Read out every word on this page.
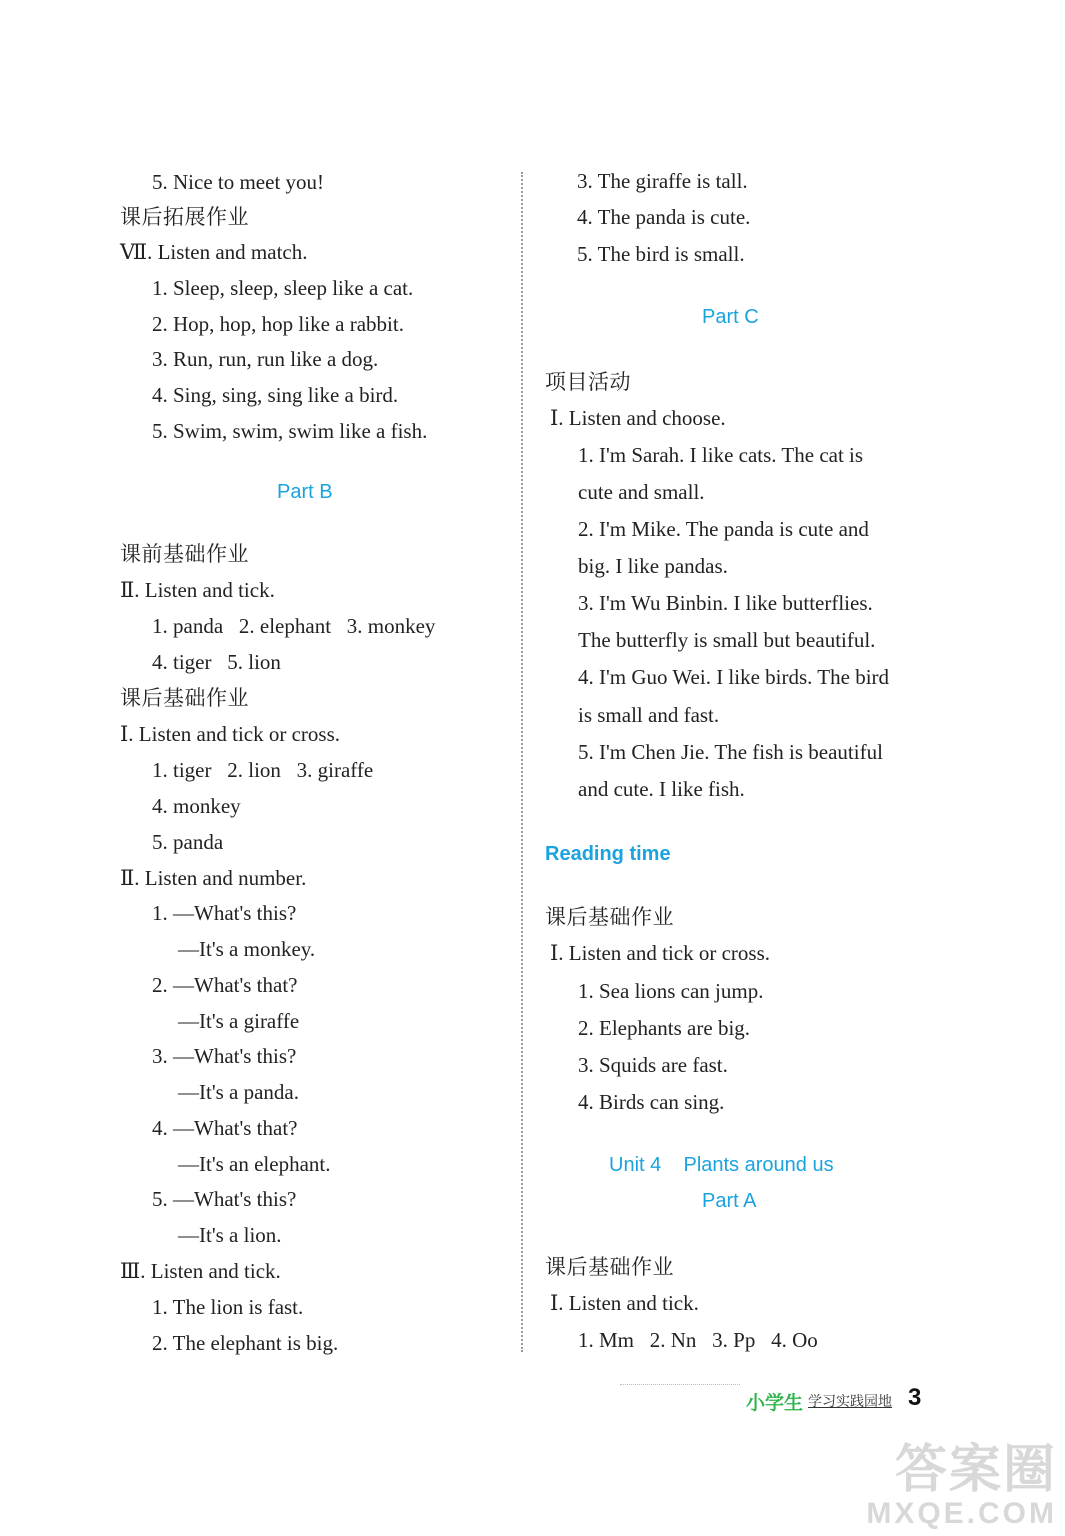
5. Nice to meet you!
课后拓展作业
Ⅶ. Listen and match.
1. Sleep, sleep, sleep like a cat.
2. Hop, hop, hop like a rabbit.
3. Run, run, run like a dog.
4. Sing, sing, sing like a bird.
5. Swim, swim, swim like a fish.
Part B
课前基础作业
Ⅱ. Listen and tick.
1. panda   2. elephant   3. monkey
4. tiger   5. lion
课后基础作业
Ⅰ. Listen and tick or cross.
1. tiger   2. lion   3. giraffe
4. monkey
5. panda
Ⅱ. Listen and number.
1. —What's this?
—It's a monkey.
2. —What's that?
—It's a giraffe
3. —What's this?
—It's a panda.
4. —What's that?
—It's an elephant.
5. —What's this?
—It's a lion.
Ⅲ. Listen and tick.
1. The lion is fast.
2. The elephant is big.
3. The giraffe is tall.
4. The panda is cute.
5. The bird is small.
Part C
项目活动
Ⅰ. Listen and choose.
1. I'm Sarah. I like cats. The cat is
cute and small.
2. I'm Mike. The panda is cute and
big. I like pandas.
3. I'm Wu Binbin. I like butterflies.
The butterfly is small but beautiful.
4. I'm Guo Wei. I like birds. The bird
is small and fast.
5. I'm Chen Jie. The fish is beautiful
and cute. I like fish.
Reading time
课后基础作业
Ⅰ. Listen and tick or cross.
1. Sea lions can jump.
2. Elephants are big.
3. Squids are fast.
4. Birds can sing.
Unit 4    Plants around us
Part A
课后基础作业
Ⅰ. Listen and tick.
1. Mm   2. Nn   3. Pp   4. Oo
小学生 学习实践园地 3
答案圈
MXQE.COM
